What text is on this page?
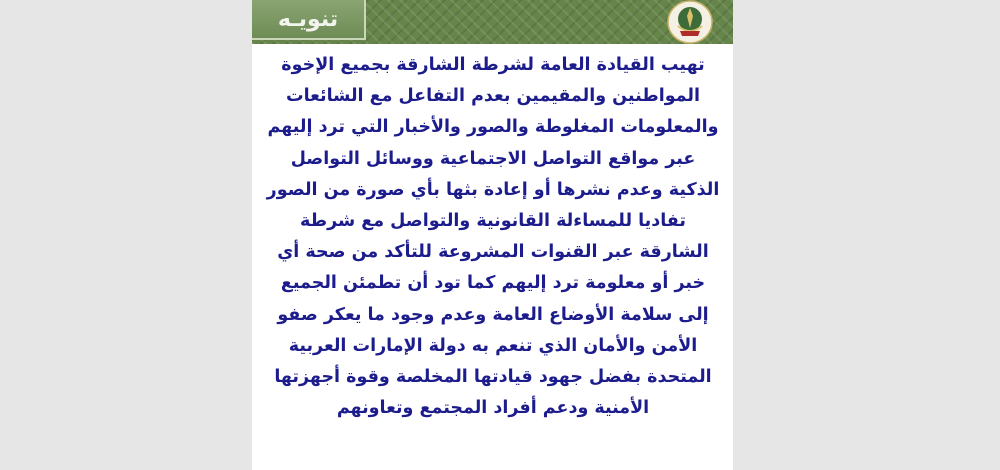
تنويـه

تهيب القيادة العامة لشرطة الشارقة بجميع الإخوة المواطنين والمقيمين بعدم التفاعل مع الشائعات والمعلومات المغلوطة والصور والأخبار التي ترد إليهم عبر مواقع التواصل الاجتماعية ووسائل التواصل الذكية وعدم نشرها أو إعادة بثها بأي صورة من الصور تفاديا للمساءلة القانونية والتواصل مع شرطة الشارقة عبر القنوات المشروعة للتأكد من صحة أي خبر أو معلومة ترد إليهم كما تود أن تطمئن الجميع إلى سلامة الأوضاع العامة وعدم وجود ما يعكر صفو الأمن والأمان الذي تنعم به دولة الإمارات العربية المتحدة بفضل جهود قيادتها المخلصة وقوة أجهزتها الأمنية ودعم أفراد المجتمع وتعاونهم
